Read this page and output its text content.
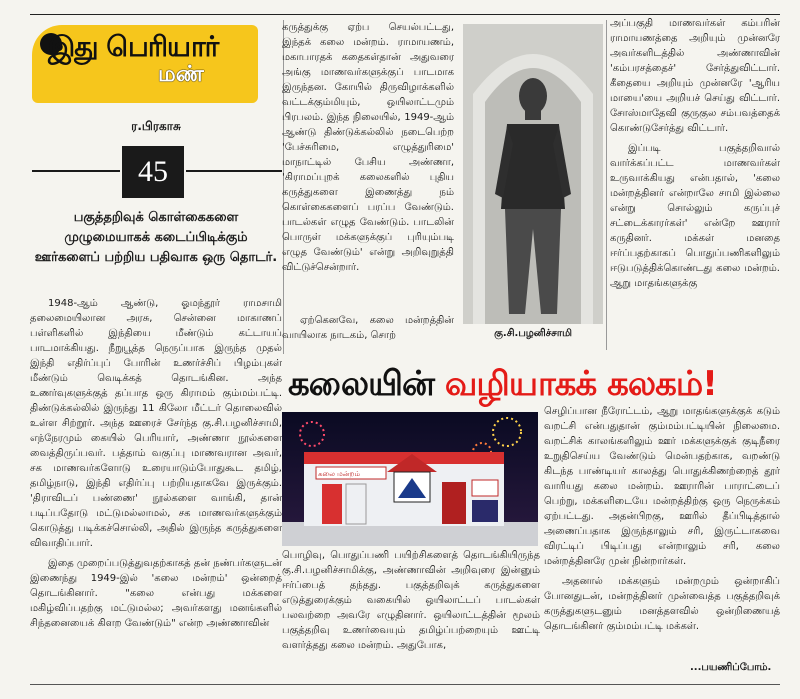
இது பெரியார்
மண்
ர.பிரகாசு
45
பகுத்தறிவுக் கொள்கைகளை முழுமையாகக் கடைப்பிடிக்கும் ஊர்களைப் பற்றிய பதிவாக ஒரு தொடர்.

1948-ஆம் ஆண்டு, ஓமந்தூர் ராமசாமி தலைமையிலான அரசு, சென்னை மாகாணப் பள்ளிகளில் இந்தியை மீண்டும் கட்டாயப் பாடமாக்கியது. நீறுபூத்த நெருப்பாக இருந்த முதல் இந்தி எதிர்ப்புப் போரின் உணர்ச்சிப் பிழம்புகள் மீண்டும் வெடிக்கத் தொடங்கின. அந்த உணர்வுகளுக்குத் தப்பாத ஒரு கிராமம் கும்மம்பட்டி. திண்டுக்கல்லில் இருந்து 11 கிலோ மீட்டர் தொலைவில் உள்ள சிற்றூர். அந்த ஊரைச் சேர்ந்த கு.சி.பழனிச்சாமி, எந்நேரமும் கையில் பெரியார், அண்ணா நூல்களை வைத்திருப்பவர். பத்தாம் வகுப்பு மாணவரான அவர், சக மாணவர்களோடு உரையாடும்போதுகூட தமிழ், தமிழ்நாடு, இந்தி எதிர்ப்பு பற்றியதாகவே இருக்கும். 'திராவிடப் பண்ணை' நூல்களை வாங்கி, தான் படிப்பதோடு மட்டுமல்லாமல், சக மாணவர்களுக்கும் கொடுத்து படிக்கச்சொல்லி, அதில் இருந்த கருத்துகளை விவாதிப்பார்.

இதை முறைப்படுத்துவதற்காகத் தன் நண்பர்களுடன் இணைந்து 1949-இல் 'கலை மன்றம்' ஒன்றைத் தொடங்கினார். "கலை என்பது மக்களை மகிழ்விப்பதற்கு மட்டுமல்ல; அவர்களது மனங்களில் சிந்தனையைக் கிளற வேண்டும்" என்ற அண்ணாவின்

கருத்துக்கு ஏற்ப செயல்பட்டது, இந்தக் கலை மன்றம். ராமாயணம், மகாபாரதக் கதைகள்தான் அதுவரை அங்கு மாணவர்களுக்குப் பாடமாக இருந்தன. கோயில் திருவிழாக்களில் வட்டக்கும்மியும், ஒயிலாட்டமும் பிரபலம். இந்த நிலையில், 1949-ஆம் ஆண்டு திண்டுக்கல்லில் நடைபெற்ற 'பேச்சுரிமை, எழுத்துரிமை' மாநாட்டில் பேசிய அண்ணா, 'கிராமப்புறக் கலைகளில் புதிய கருத்துகளை இணைத்து நம் கொள்கைகளைப் பரப்ப வேண்டும். பாடல்கள் எழுத வேண்டும். பாடலின் பொருள் மக்களுக்குப் புரியும்படி எழுத வேண்டும்' என்று அறிவுறுத்தி விட்டுச்சென்றார்.

ஏற்கெனவே, கலை மன்றத்தின் வாயிலாக நாடகம், சொற்	கு.சி.பழனிச்சாமி

அப்பகுதி மாணவர்கள் கம்பரின் ராமாயணத்தை அறியும் முன்னரே அவர்களிடத்தில் அண்ணாவின் 'கம்பரசத்தைச்' சேர்த்துவிட்டார். கீதையை அறியும் முன்னரே 'ஆரிய மாயை'யை அறியச் செய்து விட்டார். சோஸ்மாதேவி குருகுல சம்பவத்தைக் கொண்டுசேர்த்து விட்டார்.

இப்படி பகுத்தறிவால் வார்க்கப்பட்ட மாணவர்கள் உருவாக்கியது என்பதால், 'கலை மன்றத்தினர் என்றாலே சாமி இல்லை என்று சொல்லும் கருப்புச் சட்டைக்காரர்கள்' என்றே ஊரார் கருதினர். மக்கள் மனதை ஈர்ப்பதற்காகப் பொதுப்பணிகளிலும் ஈடுபடுத்திக்கொண்டது கலை மன்றம். ஆறு மாதங்களுக்கு

கலையின் வழியாகக் கலகம்!
கலை மன்றம்

செழிப்பான நீரோட்டம், ஆறு மாதங்களுக்குக் கடும் வறட்சி என்பதுதான் கும்மம்பட்டியின் நிலைமை. வறட்சிக் காலங்களிலும் ஊர் மக்களுக்குக் குடிநீரை உறுதிசெய்ய வேண்டும் மென்பதற்காக, வறண்டு கிடந்த பாண்டியர் காலத்து பொதுக்கிணற்றைத் தூர் வாரியது கலை மன்றம். ஊராரின் பாராட்டைப் பெற்று, மக்களிடையே மன்றத்திற்கு ஒரு நெருக்கம் ஏற்பட்டது. அதன்பிறகு, ஊரில் தீப்பிடித்தால் அணைப்பதாக இருந்தாலும் சரி, இருட்டாகவை விரட்டிப் பிடிப்பது என்றாலும் சரி, கலை மன்றத்தினரே முன் நின்றார்கள்.

அதனால் மக்களும் மன்றமும் ஒன்றாகிப் போனதுடன், மன்றத்தினர் முன்வைத்த பகுத்தறிவுக் கருத்துகளுடனும் மனத்தளவில் ஒன்றிணையத் தொடங்கினர் கும்மம்பட்டி மக்கள்.

பொழிவு, பொதுப்பணி பயிற்சிகளைத் தொடங்கியிருந்த கு.சி.பழனிச்சாமிக்கு, அண்ணாவின் அறிவுரை இன்னும் ஈர்ப்பைத் தந்தது. பகுத்தறிவுக் கருத்துகளை எடுத்துரைக்கும் வகையில் ஒயிலாட்டப் பாடல்கள் பலவற்றை அவரே எழுதினார். ஒயிலாட்டத்தின் மூலம் பகுத்தறிவு உணர்வையும் தமிழ்ப்பற்றையும் ஊட்டி வளர்த்தது கலை மன்றம். அதுபோக,

...பயணிப்போம்.
